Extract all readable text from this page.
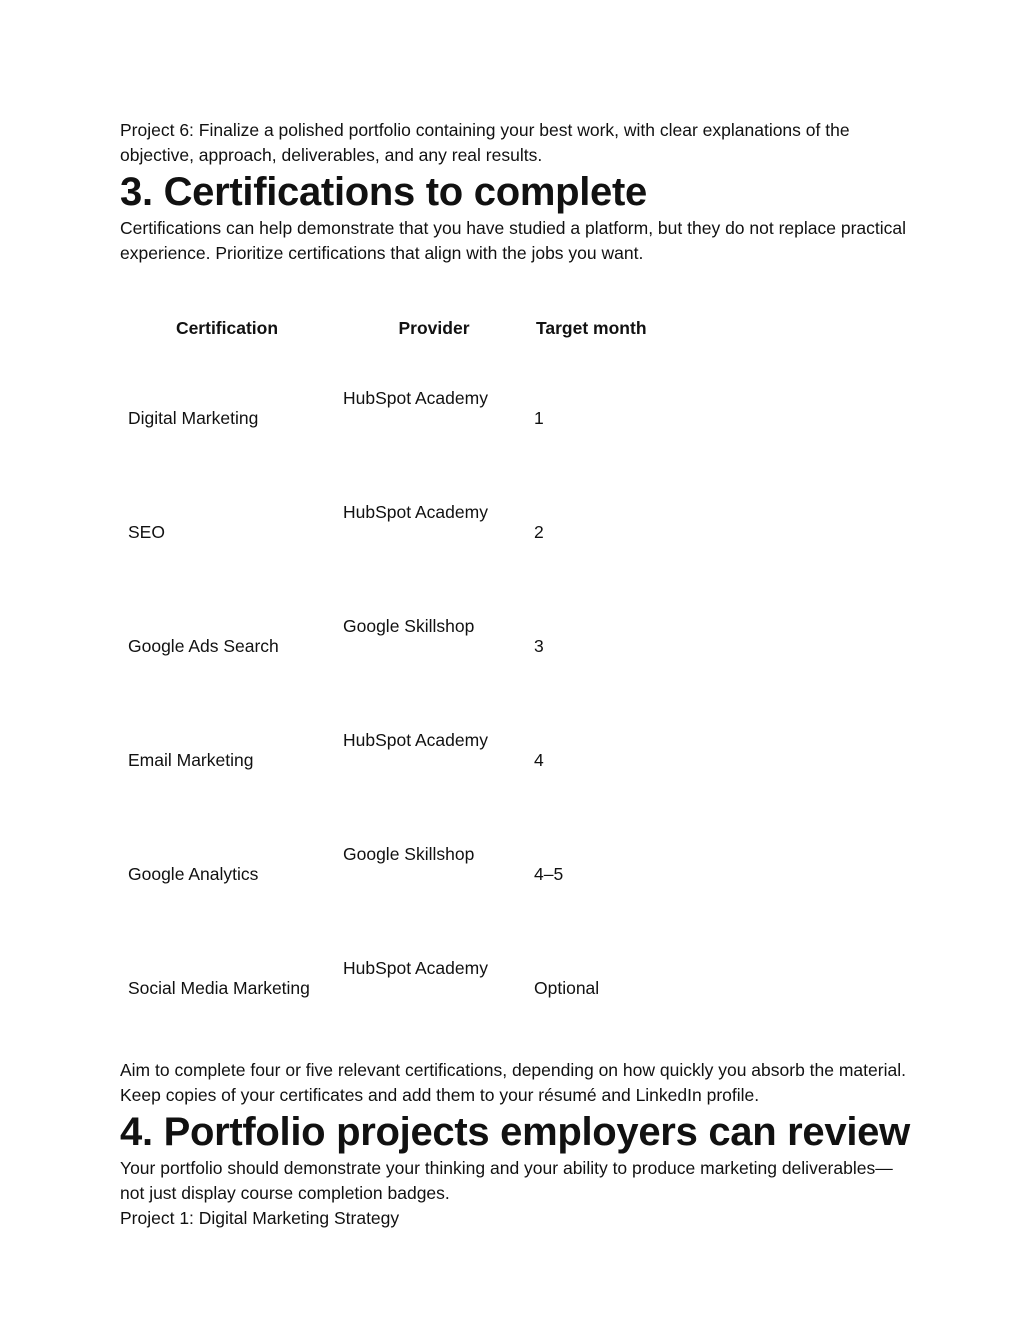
Project 6: Finalize a polished portfolio containing your best work, with clear explanations of the objective, approach, deliverables, and any real results.

3. Certifications to complete

Certifications can help demonstrate that you have studied a platform, but they do not replace practical experience. Prioritize certifications that align with the jobs you want.

Certification	Provider	Target month
Digital Marketing	HubSpot Academy	1
SEO	HubSpot Academy	2
Google Ads Search	Google Skillshop	3
Email Marketing	HubSpot Academy	4
Google Analytics	Google Skillshop	4–5
Social Media Marketing	HubSpot Academy	Optional

Aim to complete four or five relevant certifications, depending on how quickly you absorb the material. Keep copies of your certificates and add them to your résumé and LinkedIn profile.

4. Portfolio projects employers can review

Your portfolio should demonstrate your thinking and your ability to produce marketing deliverables—not just display course completion badges.

Project 1: Digital Marketing Strategy
